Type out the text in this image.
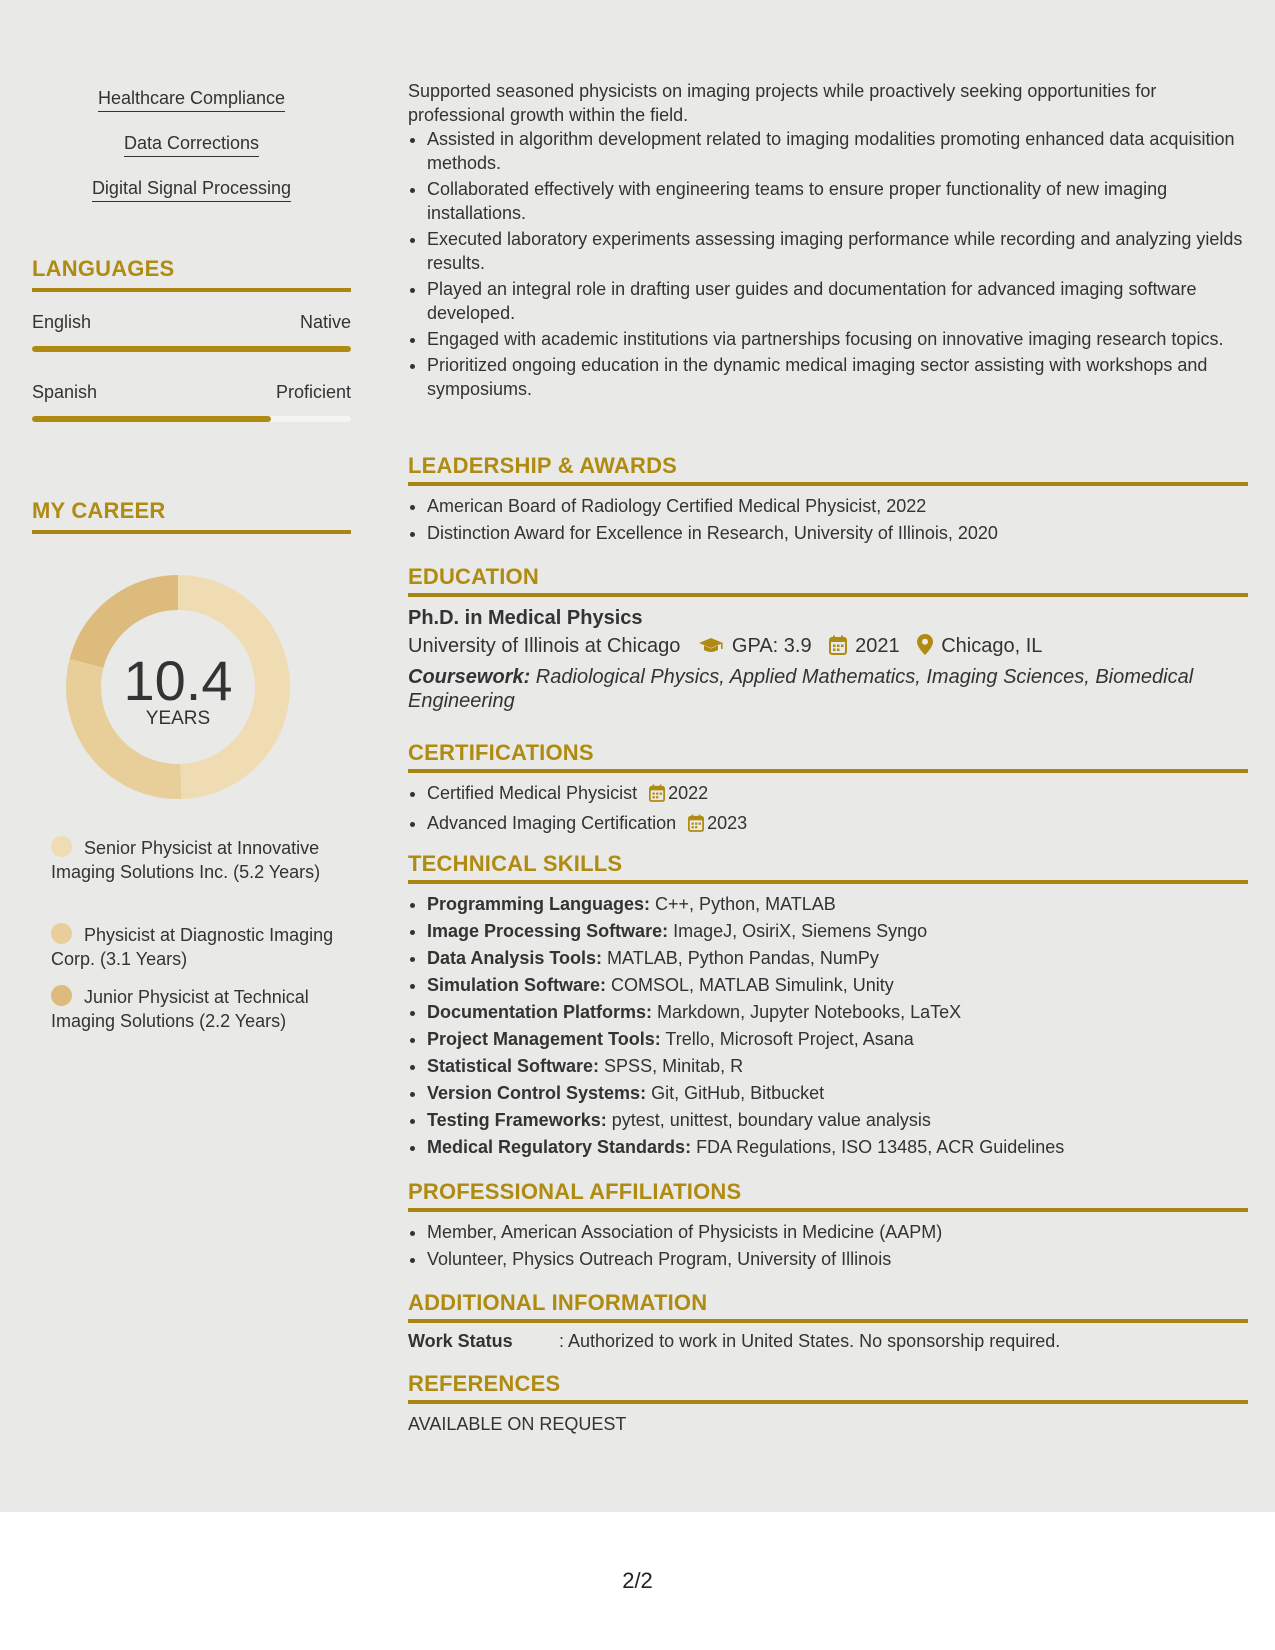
Healthcare Compliance
Data Corrections
Digital Signal Processing
LANGUAGES
English	Native
Spanish	Proficient
MY CAREER
10.4
YEARS
Senior Physicist at Innovative Imaging Solutions Inc. (5.2 Years)
Physicist at Diagnostic Imaging Corp. (3.1 Years)
Junior Physicist at Technical Imaging Solutions (2.2 Years)
Supported seasoned physicists on imaging projects while proactively seeking opportunities for professional growth within the field.
• Assisted in algorithm development related to imaging modalities promoting enhanced data acquisition methods.
• Collaborated effectively with engineering teams to ensure proper functionality of new imaging installations.
• Executed laboratory experiments assessing imaging performance while recording and analyzing yields results.
• Played an integral role in drafting user guides and documentation for advanced imaging software developed.
• Engaged with academic institutions via partnerships focusing on innovative imaging research topics.
• Prioritized ongoing education in the dynamic medical imaging sector assisting with workshops and symposiums.
LEADERSHIP & AWARDS
• American Board of Radiology Certified Medical Physicist, 2022
• Distinction Award for Excellence in Research, University of Illinois, 2020
EDUCATION
Ph.D. in Medical Physics
University of Illinois at Chicago	GPA: 3.9 2021 Chicago, IL
Coursework: Radiological Physics, Applied Mathematics, Imaging Sciences, Biomedical Engineering
CERTIFICATIONS
• Certified Medical Physicist 2022
• Advanced Imaging Certification 2023
TECHNICAL SKILLS
• Programming Languages: C++, Python, MATLAB
• Image Processing Software: ImageJ, OsiriX, Siemens Syngo
• Data Analysis Tools: MATLAB, Python Pandas, NumPy
• Simulation Software: COMSOL, MATLAB Simulink, Unity
• Documentation Platforms: Markdown, Jupyter Notebooks, LaTeX
• Project Management Tools: Trello, Microsoft Project, Asana
• Statistical Software: SPSS, Minitab, R
• Version Control Systems: Git, GitHub, Bitbucket
• Testing Frameworks: pytest, unittest, boundary value analysis
• Medical Regulatory Standards: FDA Regulations, ISO 13485, ACR Guidelines
PROFESSIONAL AFFILIATIONS
• Member, American Association of Physicists in Medicine (AAPM)
• Volunteer, Physics Outreach Program, University of Illinois
ADDITIONAL INFORMATION
Work Status	: Authorized to work in United States. No sponsorship required.
REFERENCES
AVAILABLE ON REQUEST
2/2
